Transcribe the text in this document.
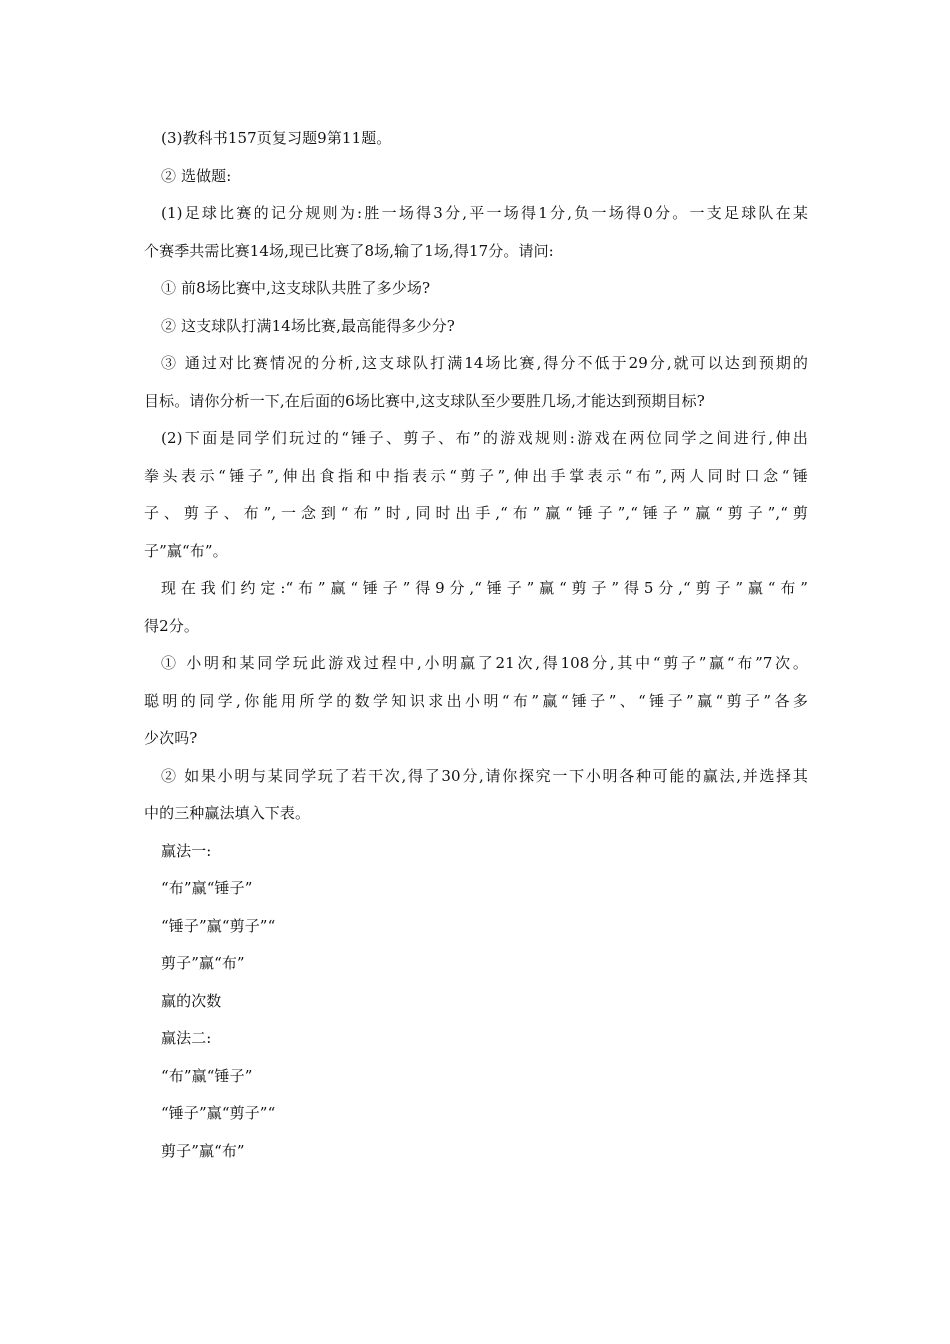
(3)教科书157页复习题9第11题。
② 选做题:
(1)足球比赛的记分规则为:胜一场得3分,平一场得1分,负一场得0分。一支足球队在某
个赛季共需比赛14场,现已比赛了8场,输了1场,得17分。请问:
① 前8场比赛中,这支球队共胜了多少场?
② 这支球队打满14场比赛,最高能得多少分?
③ 通过对比赛情况的分析,这支球队打满14场比赛,得分不低于29分,就可以达到预期的
目标。请你分析一下,在后面的6场比赛中,这支球队至少要胜几场,才能达到预期目标?
(2)下面是同学们玩过的“锤子、剪子、布”的游戏规则:游戏在两位同学之间进行,伸出
拳头表示“锤子”,伸出食指和中指表示“剪子”,伸出手掌表示“布”,两人同时口念“锤
子、剪子、布”,一念到“布”时,同时出手,“布”赢“锤子”,“锤子”赢“剪子”,“剪
子”赢“布”。
现在我们约定:“布”赢“锤子”得9分,“锤子”赢“剪子”得5分,“剪子”赢“布”
得2分。
① 小明和某同学玩此游戏过程中,小明赢了21次,得108分,其中“剪子”赢“布”7次。
聪明的同学,你能用所学的数学知识求出小明“布”赢“锤子”、“锤子”赢“剪子”各多
少次吗?
② 如果小明与某同学玩了若干次,得了30分,请你探究一下小明各种可能的赢法,并选择其
中的三种赢法填入下表。
赢法一:
“布”赢“锤子”
“锤子”赢“剪子”“
剪子”赢“布”
赢的次数
赢法二:
“布”赢“锤子”
“锤子”赢“剪子”“
剪子”赢“布”
